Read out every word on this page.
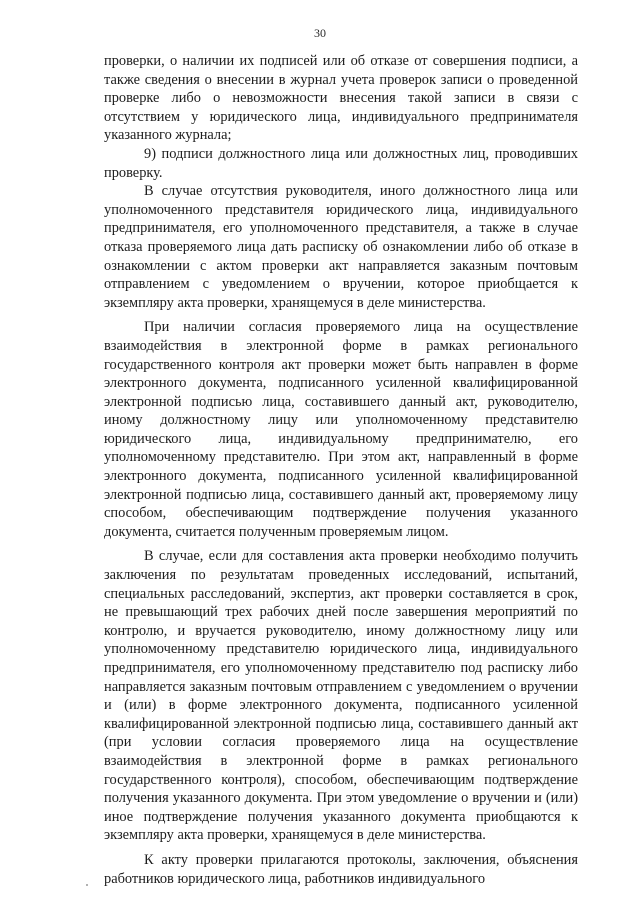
30

проверки, о наличии их подписей или об отказе от совершения подписи, а также сведения о внесении в журнал учета проверок записи о проведенной проверке либо о невозможности внесения такой записи в связи с отсутствием у юридического лица, индивидуального предпринимателя указанного журнала;

9) подписи должностного лица или должностных лиц, проводивших проверку.

В случае отсутствия руководителя, иного должностного лица или уполномоченного представителя юридического лица, индивидуального предпринимателя, его уполномоченного представителя, а также в случае отказа проверяемого лица дать расписку об ознакомлении либо об отказе в ознакомлении с актом проверки акт направляется заказным почтовым отправлением с уведомлением о вручении, которое приобщается к экземпляру акта проверки, хранящемуся в деле министерства.

При наличии согласия проверяемого лица на осуществление взаимодействия в электронной форме в рамках регионального государственного контроля акт проверки может быть направлен в форме электронного документа, подписанного усиленной квалифицированной электронной подписью лица, составившего данный акт, руководителю, иному должностному лицу или уполномоченному представителю юридического лица, индивидуальному предпринимателю, его уполномоченному представителю. При этом акт, направленный в форме электронного документа, подписанного усиленной квалифицированной электронной подписью лица, составившего данный акт, проверяемому лицу способом, обеспечивающим подтверждение получения указанного документа, считается полученным проверяемым лицом.

В случае, если для составления акта проверки необходимо получить заключения по результатам проведенных исследований, испытаний, специальных расследований, экспертиз, акт проверки составляется в срок, не превышающий трех рабочих дней после завершения мероприятий по контролю, и вручается руководителю, иному должностному лицу или уполномоченному представителю юридического лица, индивидуального предпринимателя, его уполномоченному представителю под расписку либо направляется заказным почтовым отправлением с уведомлением о вручении и (или) в форме электронного документа, подписанного усиленной квалифицированной электронной подписью лица, составившего данный акт (при условии согласия проверяемого лица на осуществление взаимодействия в электронной форме в рамках регионального государственного контроля), способом, обеспечивающим подтверждение получения указанного документа. При этом уведомление о вручении и (или) иное подтверждение получения указанного документа приобщаются к экземпляру акта проверки, хранящемуся в деле министерства.

К акту проверки прилагаются протоколы, заключения, объяснения работников юридического лица, работников индивидуального
